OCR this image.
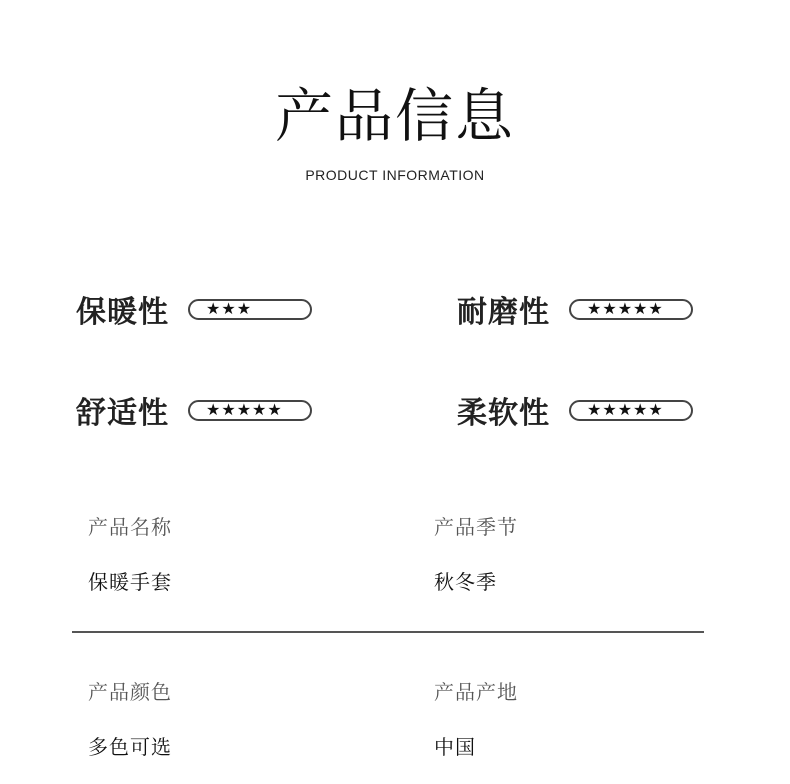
产品信息
PRODUCT INFORMATION
保暖性	★★★	耐磨性	★★★★★
舒适性	★★★★★	柔软性	★★★★★
产品名称
保暖手套
产品季节
秋冬季
产品颜色
多色可选
产品产地
中国
